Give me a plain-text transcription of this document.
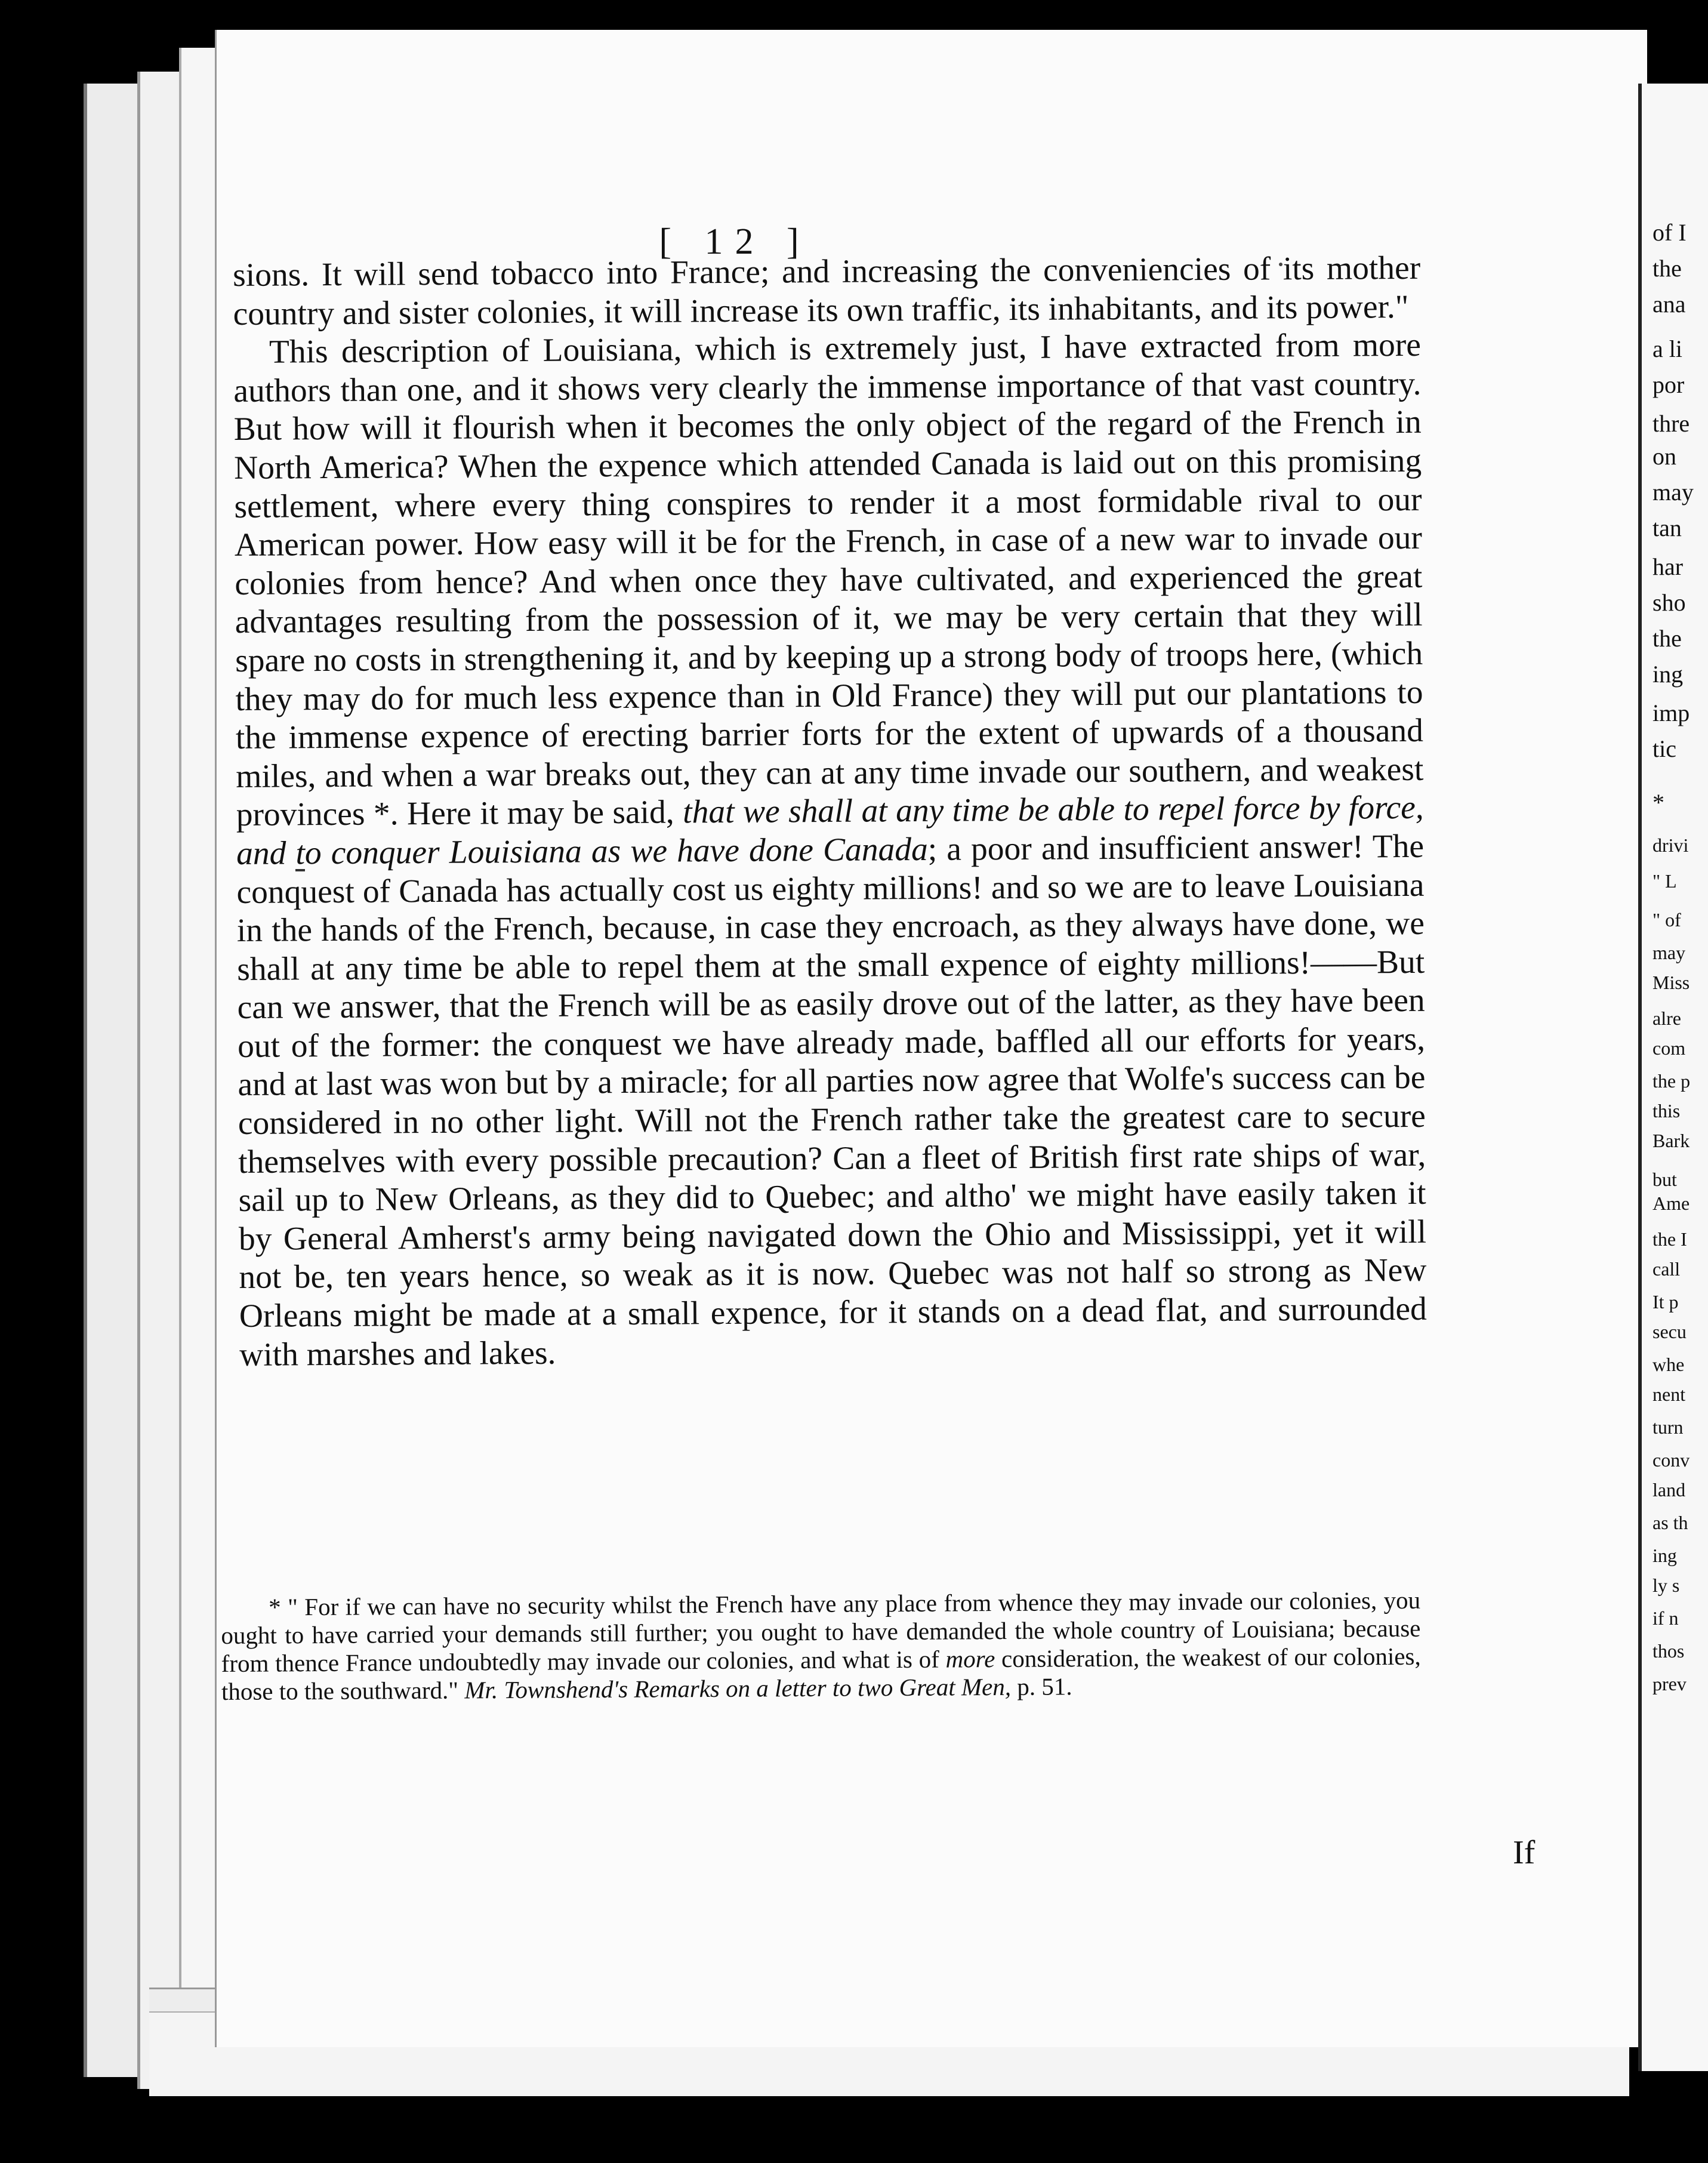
[ 12 ]

sions. It will send tobacco into France; and increasing the conveniencies of its mother country and sister colonies, it will increase its own traffic, its inhabitants, and its power."

This description of Louisiana, which is extremely just, I have extracted from more authors than one, and it shows very clearly the immense importance of that vast country. But how will it flourish when it becomes the only object of the regard of the French in North America? When the expence which attended Canada is laid out on this promising settlement, where every thing conspires to render it a most formidable rival to our American power. How easy will it be for the French, in case of a new war to invade our colonies from hence? And when once they have cultivated, and experienced the great advantages resulting from the possession of it, we may be very certain that they will spare no costs in strengthening it, and by keeping up a strong body of troops here, (which they may do for much less expence than in Old France) they will put our plantations to the immense expence of erecting barrier forts for the extent of upwards of a thousand miles, and when a war breaks out, they can at any time invade our southern, and weakest provinces *. Here it may be said, that we shall at any time be able to repel force by force, and to conquer Louisiana as we have done Canada; a poor and insufficient answer! The conquest of Canada has actually cost us eighty millions! and so we are to leave Louisiana in the hands of the French, because, in case they encroach, as they always have done, we shall at any time be able to repel them at the small expence of eighty millions!——But can we answer, that the French will be as easily drove out of the latter, as they have been out of the former: the conquest we have already made, baffled all our efforts for years, and at last was won but by a miracle; for all parties now agree that Wolfe's success can be considered in no other light. Will not the French rather take the greatest care to secure themselves with every possible precaution? Can a fleet of British first rate ships of war, sail up to New Orleans, as they did to Quebec; and altho' we might have easily taken it by General Amherst's army being navigated down the Ohio and Mississippi, yet it will not be, ten years hence, so weak as it is now. Quebec was not half so strong as New Orleans might be made at a small expence, for it stands on a dead flat, and surrounded with marshes and lakes.

* " For if we can have no security whilst the French have any place from whence they may invade our colonies, you ought to have carried your demands still further; you ought to have demanded the whole country of Louisiana; because from thence France undoubtedly may invade our colonies, and what is of more consideration, the weakest of our colonies, those to the southward." Mr. Townshend's Remarks on a letter to two Great Men, p. 51.

If
of I
the
ana
a li
por
thre
on
may
tan
har
sho
the
ing
imp
tic
*
drivi
" L
" of
may
Miss
alre
com
the p
this
Bark
but
Ame
the I
call
It p
secu
whe
nent
turn
conv
land
as th
ing
ly s
if n
thos
prev
